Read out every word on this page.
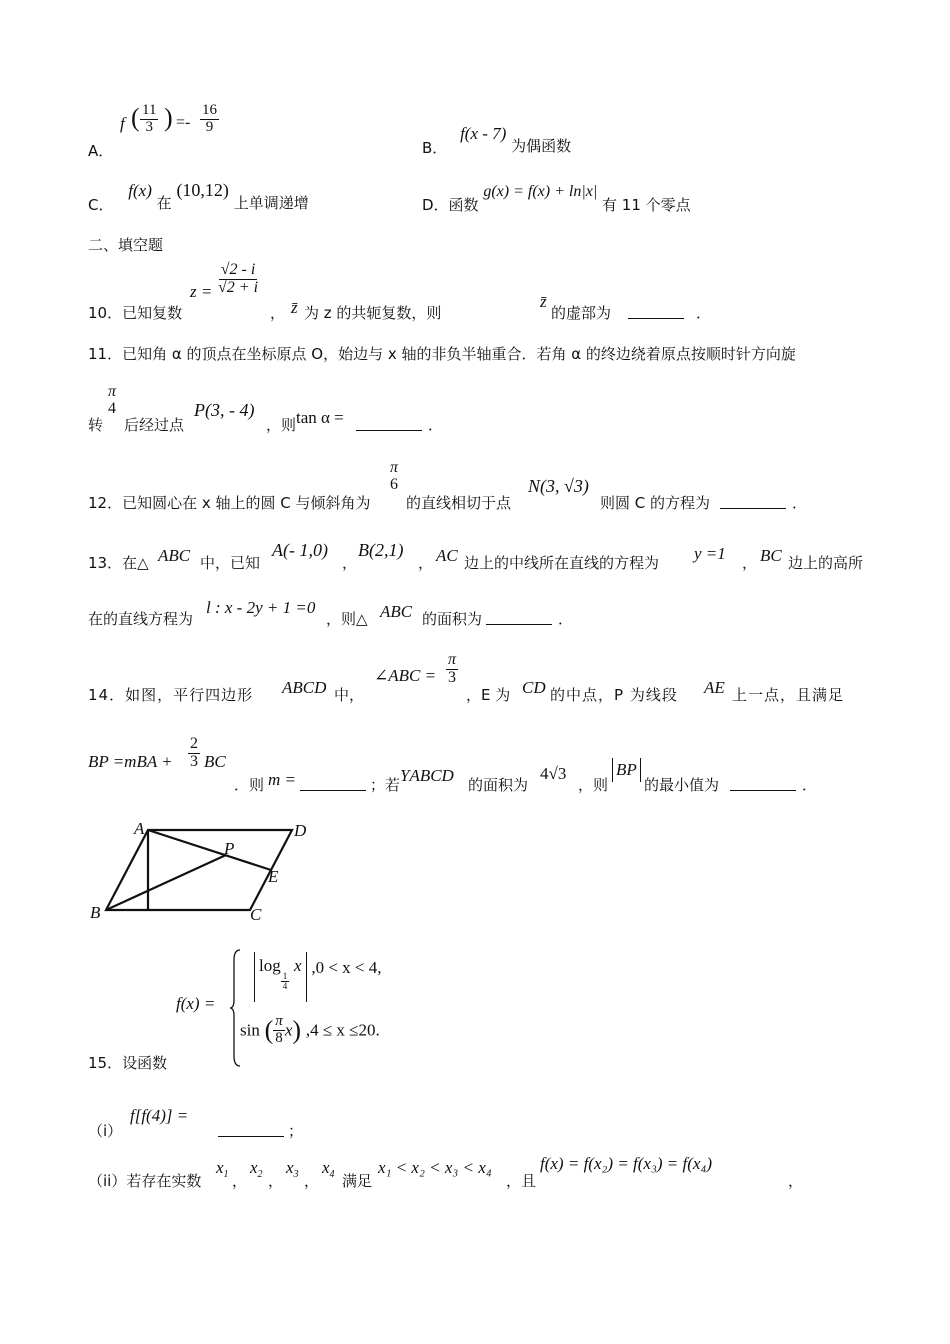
A．
f ( $\frac{11}{3}$ ) =- $\frac{16}{9}$
B． f(x - 7) 为偶函数
C． f(x) 在 (10,12) 上单调递增	D．函数 g(x) = f(x) + ln|x| 有 11 个零点
二、填空题
10．已知复数
$z = \frac{√2 - i}{√2 + i}$
， z̄ 为 z 的共轭复数，则
z̄
的虚部为	．
11．已知角 α 的顶点在坐标原点 O，始边与 x 轴的非负半轴重合．若角 α 的终边绕着原点按顺时针方向旋
转
π
4
后经过点
P(3, - 4)
，则 tan α =	．
12．已知圆心在 x 轴上的圆 C 与倾斜角为
π
6
的直线相切于点
N(3, √3)
则圆 C 的方程为	．
13．在△ ABC 中，已知
A(- 1,0)
，
B(2,1)
， AC 边上的中线所在直线的方程为 y =1 ， BC 边上的高所
在的直线方程为
l : x - 2y + 1 =0
，则△ ABC 的面积为	．
14．如图，平行四边形 ABCD 中，
∠ABC = $\frac{\pi}{3}$
，E 为 CD 的中点，P 为线段 AE 上一点，且满足
BP $=mBA + \frac{2}{3}$ BC
．则 m =	；若 ΥABCD 的面积为
4√3
，则
BP
的最小值为	．
A	D
P
E
B	C
15．设函数
f(x) =
log
$\frac{1}{4}$
x ,0 < x < 4,
sin ( $\frac{\pi}{8} x$) ,4 ≤ x ≤20.
（i）
f[f(4)] =
；
（ii）若存在实数
$x_1$ ，
$x_2$ ，
$x_3$ ，
$x_4$ 满足
x₁ < x₂ < x₃ < x₄
，且
f(x) = f(x₂) = f(x₃) = f(x₄)
，
